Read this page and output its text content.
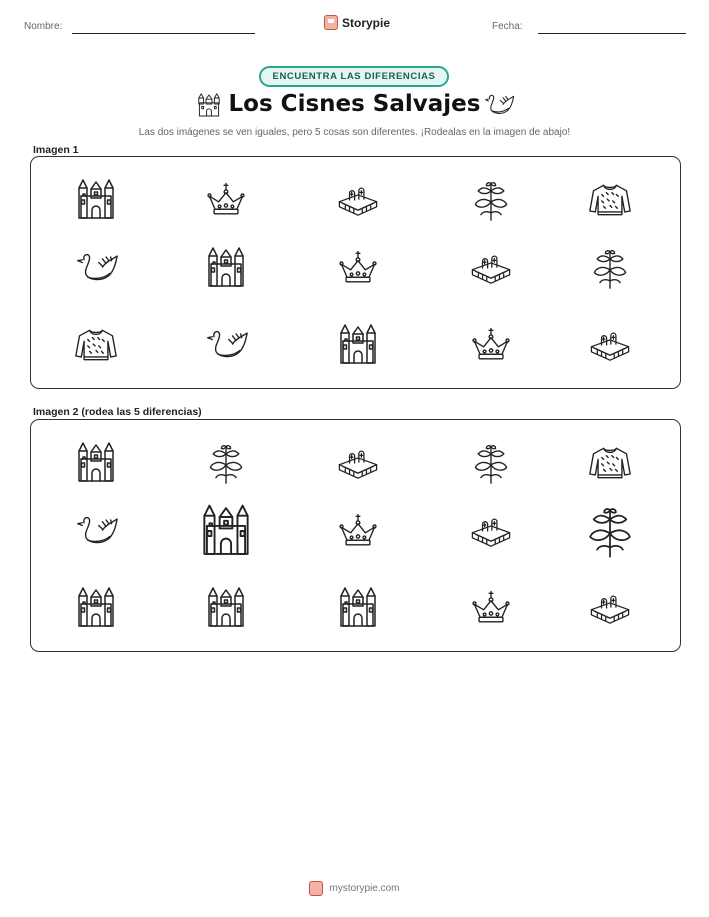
Nombre:	Storypie	Fecha:
ENCUENTRA LAS DIFERENCIAS
Los Cisnes Salvajes
Las dos imágenes se ven iguales, pero 5 cosas son diferentes. ¡Rodealas en la imagen de abajo!
Imagen 1
Imagen 2 (rodea las 5 diferencias)
mystorypie.com
